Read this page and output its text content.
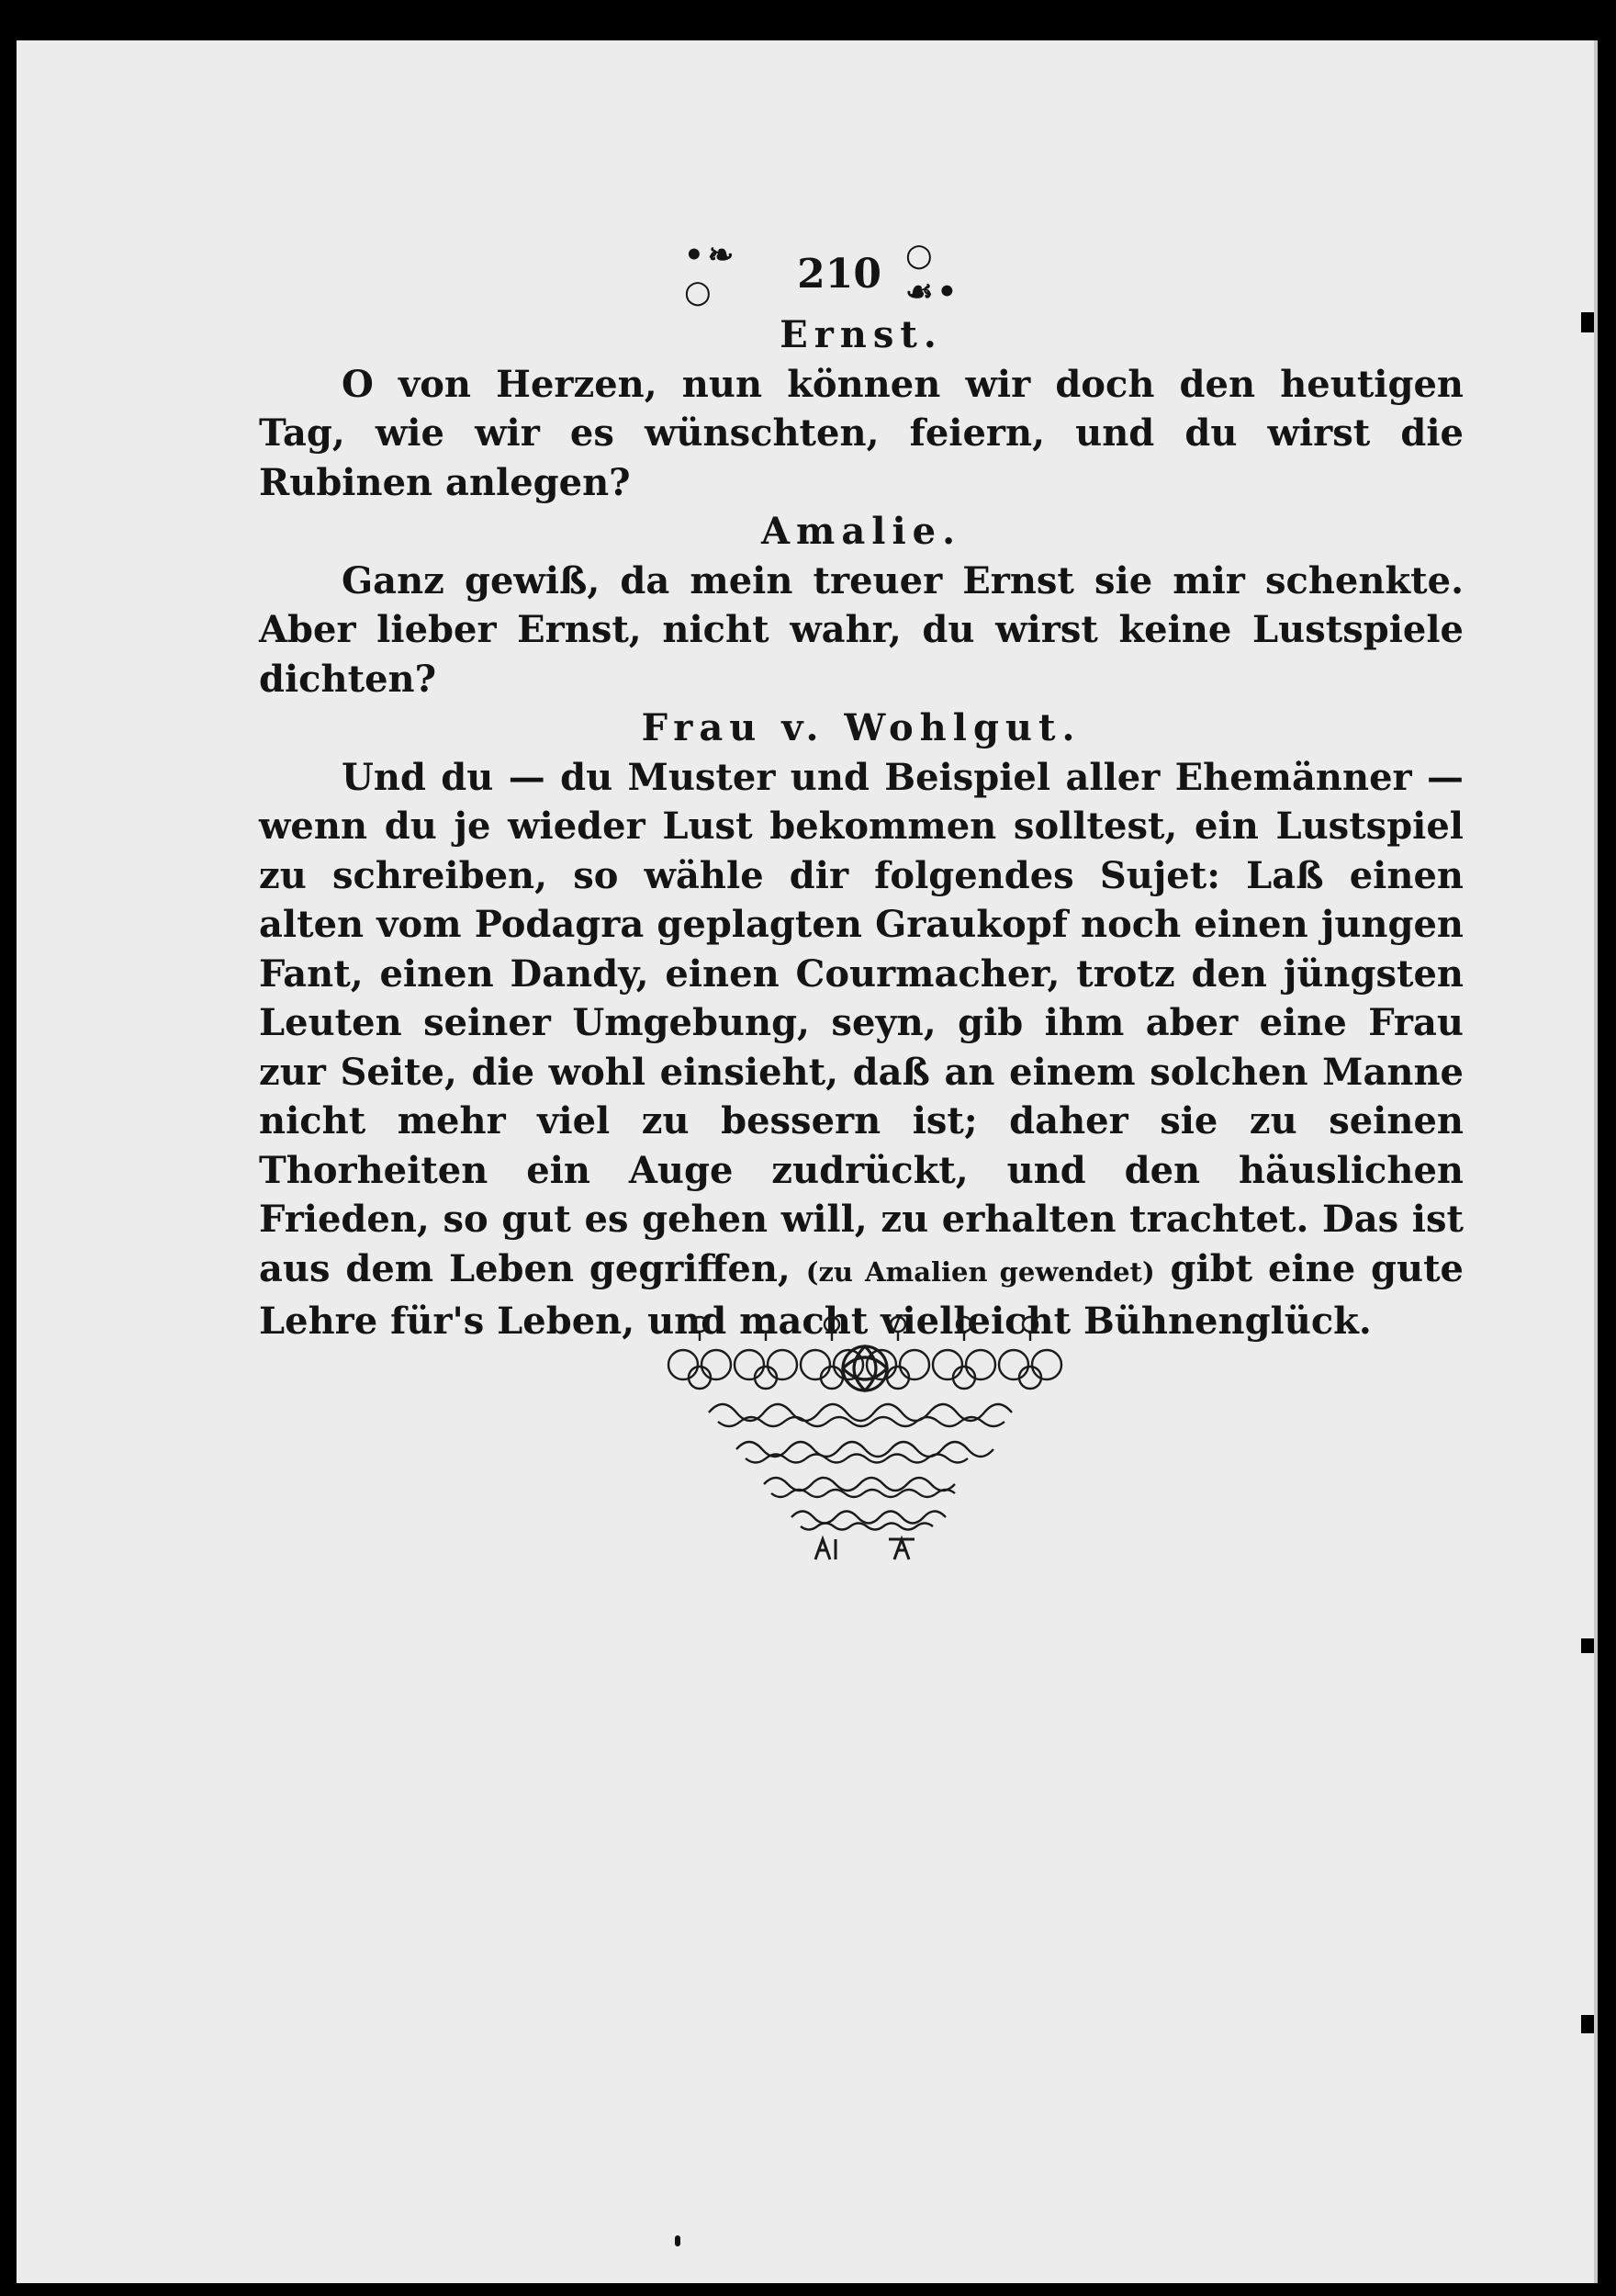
•❧ ○	210 ○ ☙•

Ernst.

O von Herzen, nun können wir doch den heutigen Tag, wie wir es wünschten, feiern, und du wirst die Rubinen anlegen?

Amalie.

Ganz gewiß, da mein treuer Ernst sie mir schenkte. Aber lieber Ernst, nicht wahr, du wirst keine Lustspiele dichten?

Frau v. Wohlgut.

Und du — du Muster und Beispiel aller Ehemänner — wenn du je wieder Lust bekommen solltest, ein Lustspiel zu schreiben, so wähle dir folgendes Sujet: Laß einen alten vom Podagra geplagten Graukopf noch einen jungen Fant, einen Dandy, einen Courmacher, trotz den jüngsten Leuten seiner Umgebung, seyn, gib ihm aber eine Frau zur Seite, die wohl einsieht, daß an einem solchen Manne nicht mehr viel zu bessern ist; daher sie zu seinen Thorheiten ein Auge zudrückt, und den häuslichen Frieden, so gut es gehen will, zu erhalten trachtet. Das ist aus dem Leben gegriffen, (zu Amalien gewendet) gibt eine gute Lehre für's Leben, und macht vielleicht Bühnenglück.
